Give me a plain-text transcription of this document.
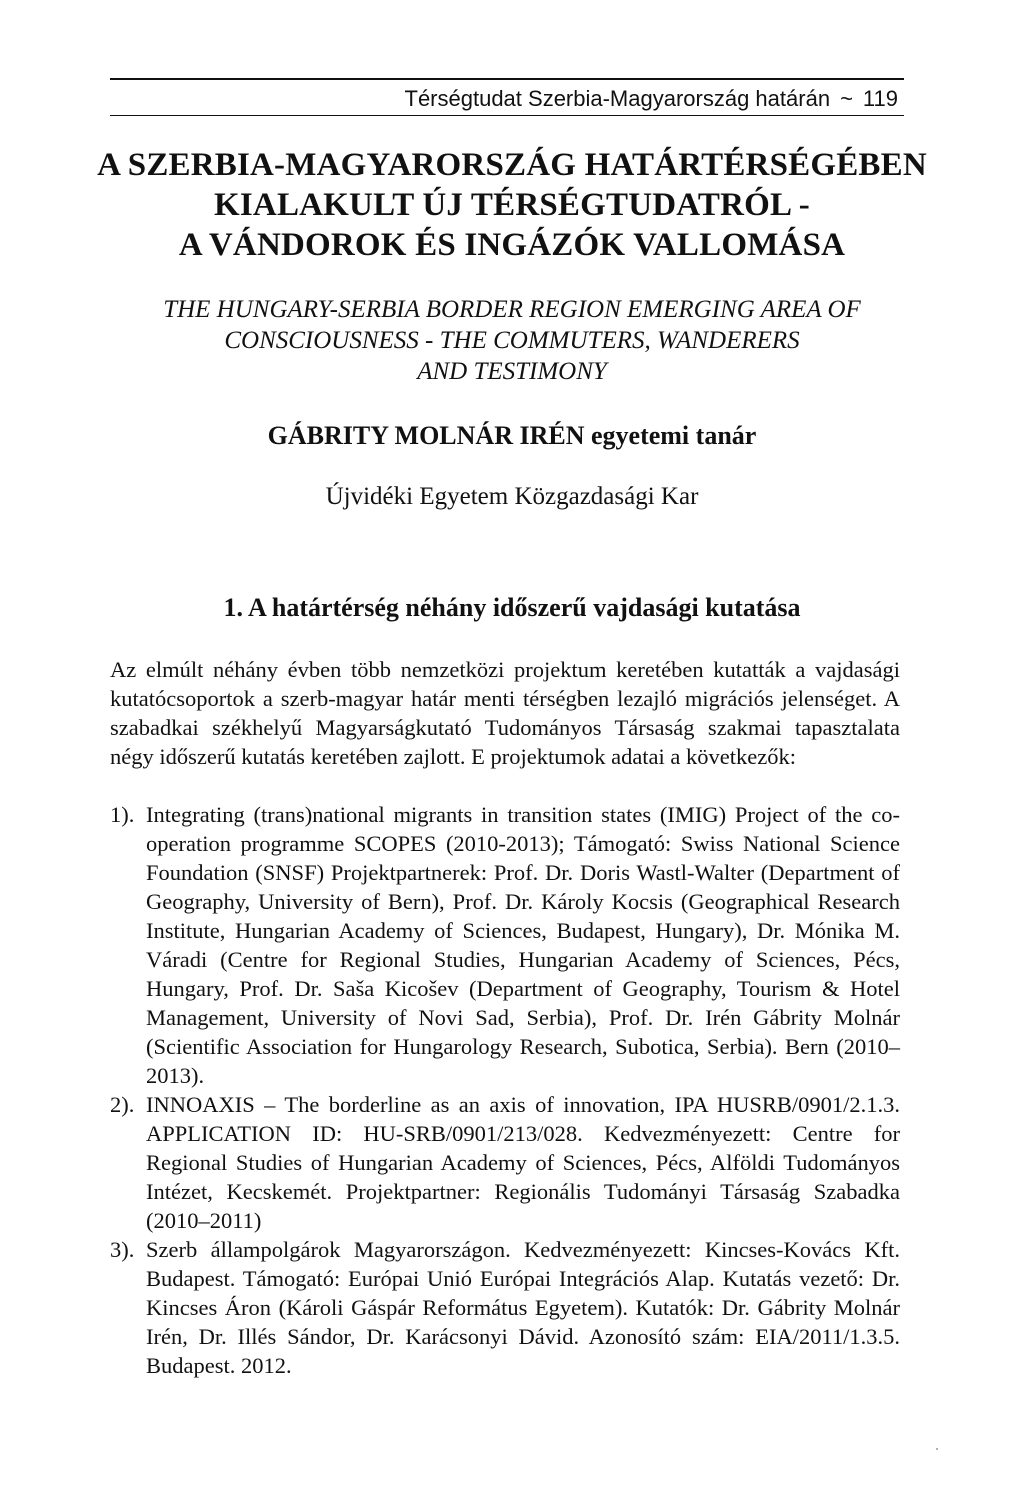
Térségtudat Szerbia-Magyarország határán ~ 119
A SZERBIA-MAGYARORSZÁG HATÁRTÉRSÉGÉBEN
KIALAKULT ÚJ TÉRSÉGTUDATRÓL -
A VÁNDOROK ÉS INGÁZÓK VALLOMÁSA
THE HUNGARY-SERBIA BORDER REGION EMERGING AREA OF
CONSCIOUSNESS - THE COMMUTERS, WANDERERS
AND TESTIMONY
GÁBRITY MOLNÁR IRÉN egyetemi tanár
Újvidéki Egyetem Közgazdasági Kar
1. A határtérség néhány időszerű vajdasági kutatása
Az elmúlt néhány évben több nemzetközi projektum keretében kutatták a vajdasági kutatócsoportok a szerb-magyar határ menti térségben lezajló migrációs jelenséget. A szabadkai székhelyű Magyarságkutató Tudományos Társaság szakmai tapasztalata négy időszerű kutatás keretében zajlott. E projektumok adatai a következők:
1). Integrating (trans)national migrants in transition states (IMIG) Project of the co-operation programme SCOPES (2010-2013); Támogató: Swiss National Science Foundation (SNSF) Projektpartnerek: Prof. Dr. Doris Wastl-Walter (Department of Geography, University of Bern), Prof. Dr. Károly Kocsis (Geographical Research Institute, Hungarian Academy of Sciences, Budapest, Hungary), Dr. Mónika M. Váradi (Centre for Regional Studies, Hungarian Academy of Sciences, Pécs, Hungary, Prof. Dr. Saša Kicošev (Department of Geography, Tourism & Hotel Management, University of Novi Sad, Serbia), Prof. Dr. Irén Gábrity Molnár (Scientific Association for Hungarology Research, Subotica, Serbia). Bern (2010–2013).
2). INNOAXIS – The borderline as an axis of innovation, IPA HUSRB/0901/2.1.3. APPLICATION ID: HU-SRB/0901/213/028. Kedvezményezett: Centre for Regional Studies of Hungarian Academy of Sciences, Pécs, Alföldi Tudományos Intézet, Kecskemét. Projektpartner: Regionális Tudományi Társaság Szabadka (2010–2011)
3). Szerb állampolgárok Magyarországon. Kedvezményezett: Kincses-Kovács Kft. Budapest. Támogató: Európai Unió Európai Integrációs Alap. Kutatás vezető: Dr. Kincses Áron (Károli Gáspár Református Egyetem). Kutatók: Dr. Gábrity Molnár Irén, Dr. Illés Sándor, Dr. Karácsonyi Dávid. Azonosító szám: EIA/2011/1.3.5. Budapest. 2012.
